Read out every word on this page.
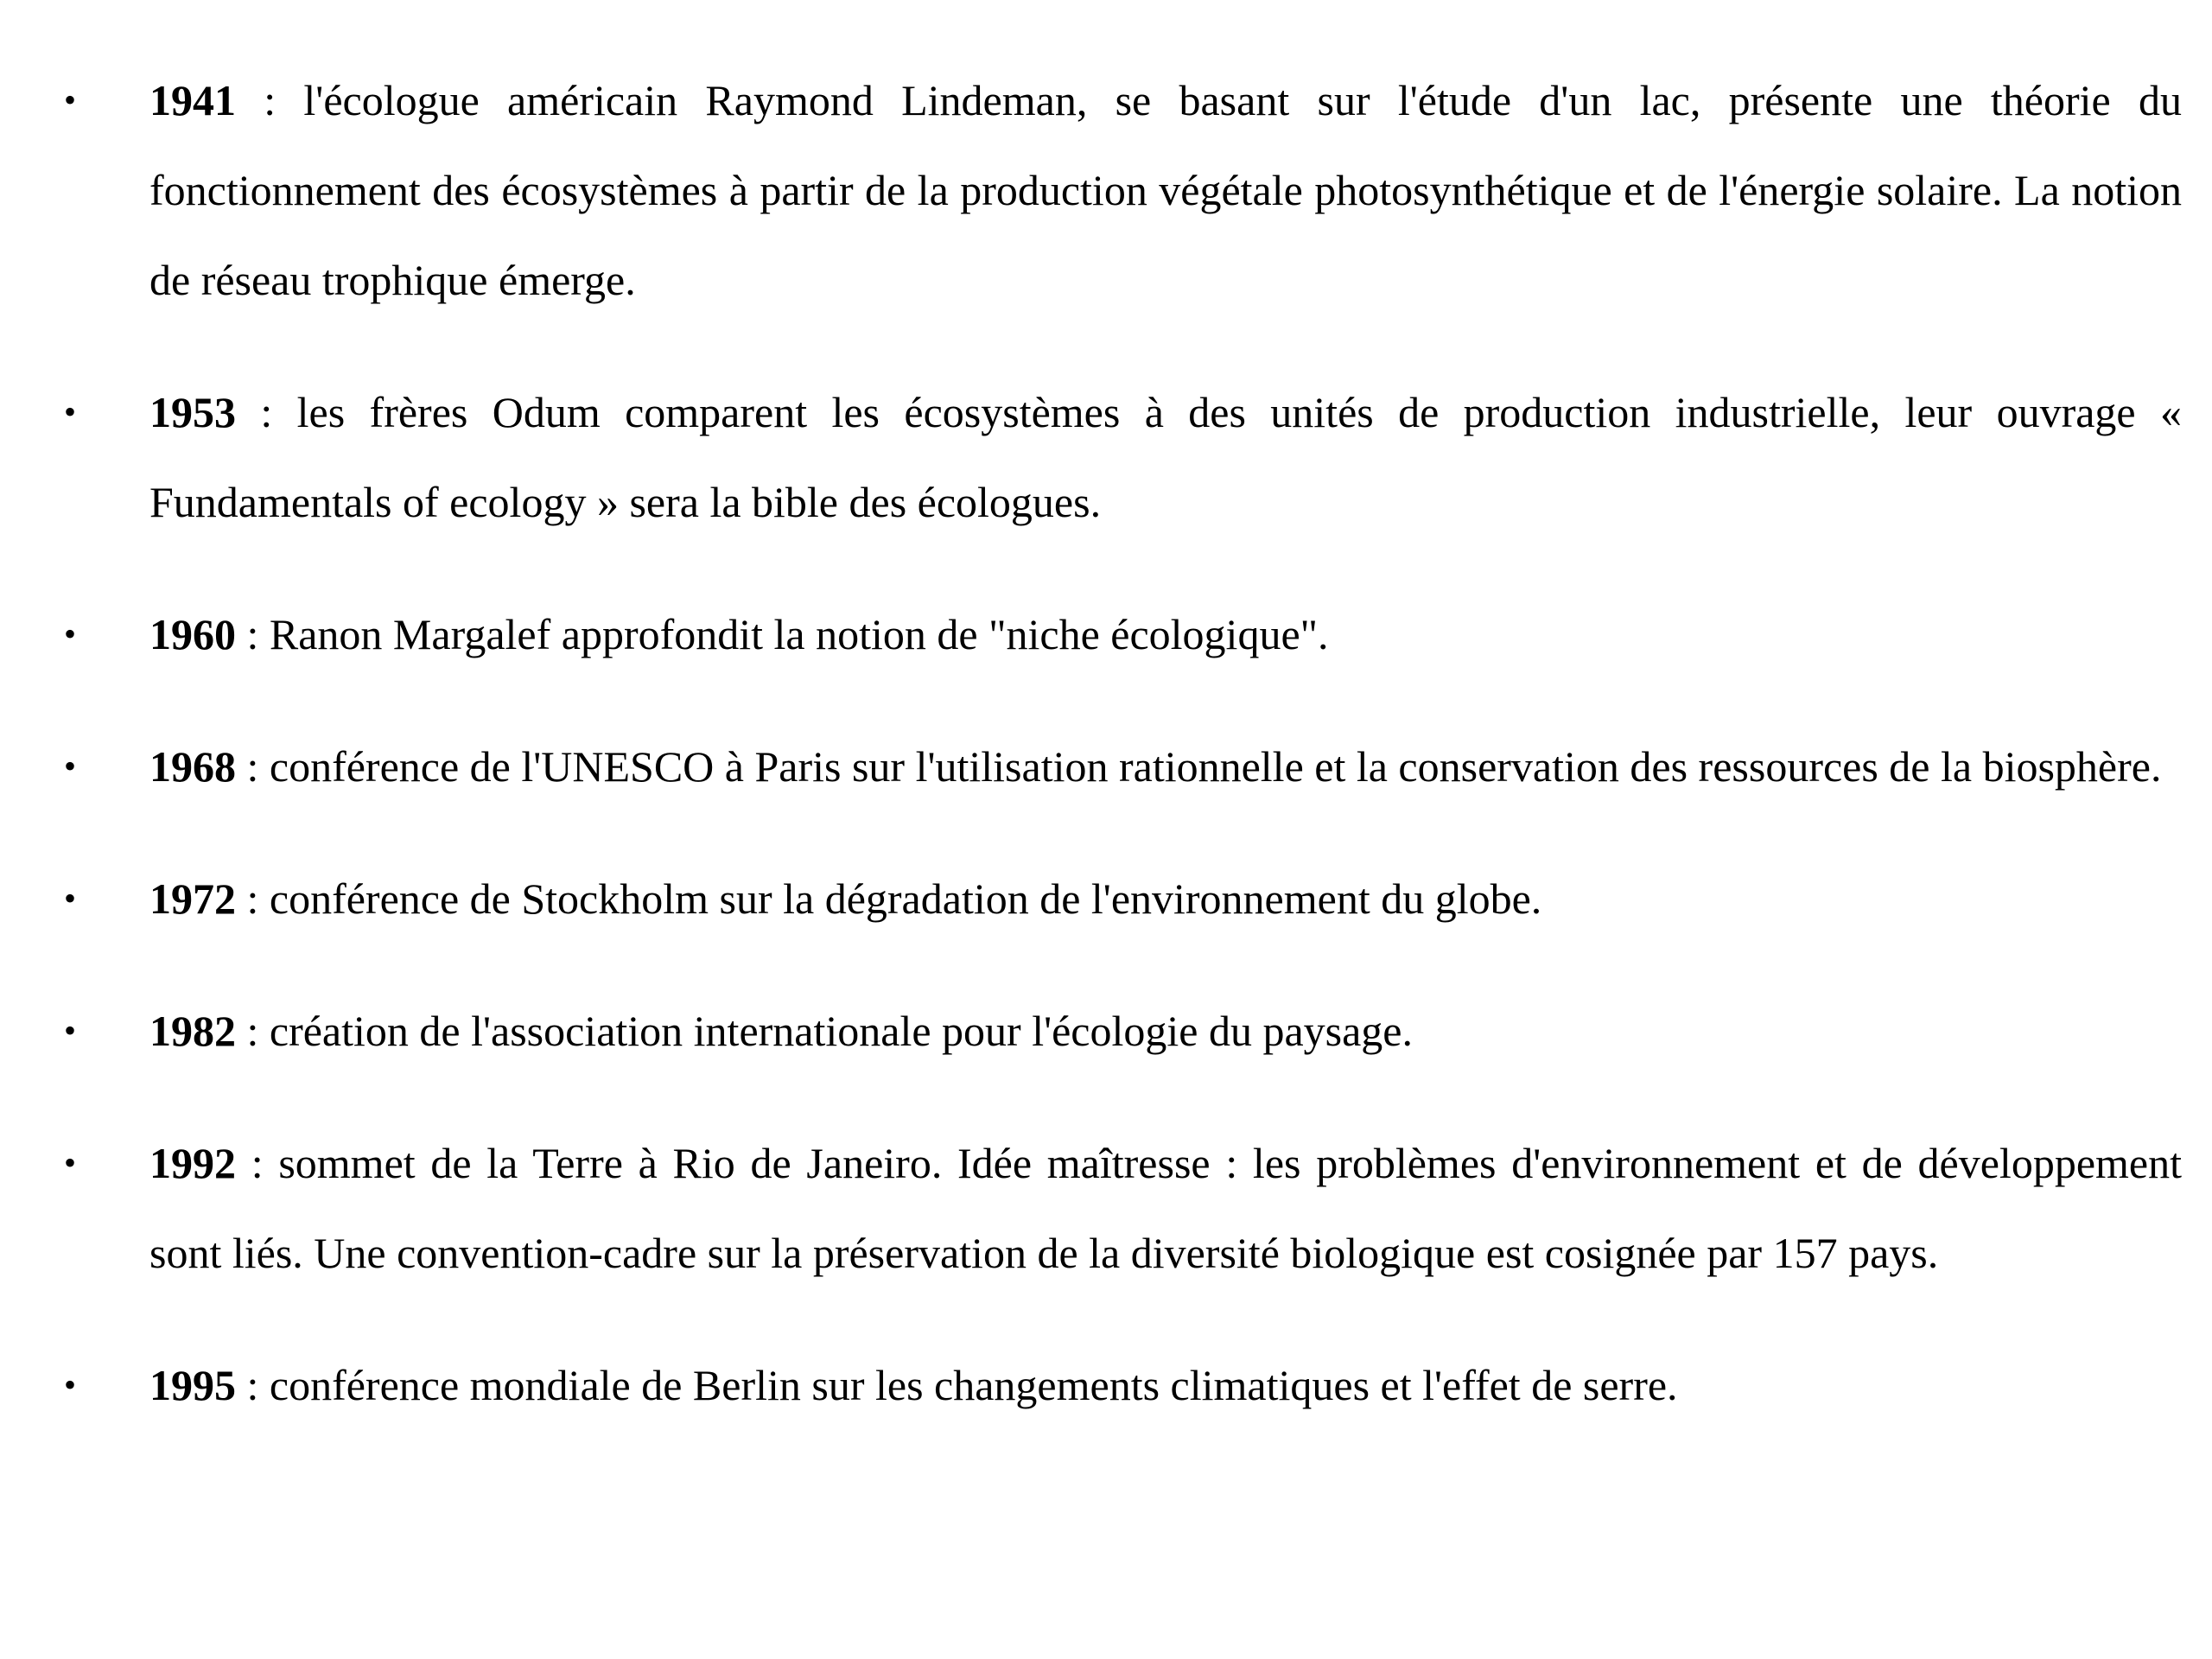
• 1941 : l'écologue américain Raymond Lindeman, se basant sur l'étude d'un lac, présente une théorie du fonctionnement des écosystèmes à partir de la production végétale photosynthétique et de l'énergie solaire. La notion de réseau trophique émerge.
• 1953 : les frères Odum comparent les écosystèmes à des unités de production industrielle, leur ouvrage « Fundamentals of ecology » sera la bible des écologues.
• 1960 : Ranon Margalef approfondit la notion de "niche écologique".
• 1968 : conférence de l'UNESCO à Paris sur l'utilisation rationnelle et la conservation des ressources de la biosphère.
• 1972 : conférence de Stockholm sur la dégradation de l'environnement du globe.
• 1982 : création de l'association internationale pour l'écologie du paysage.
• 1992 : sommet de la Terre à Rio de Janeiro. Idée maîtresse : les problèmes d'environnement et de développement sont liés. Une convention-cadre sur la préservation de la diversité biologique est cosignée par 157 pays.
• 1995 : conférence mondiale de Berlin sur les changements climatiques et l'effet de serre.
